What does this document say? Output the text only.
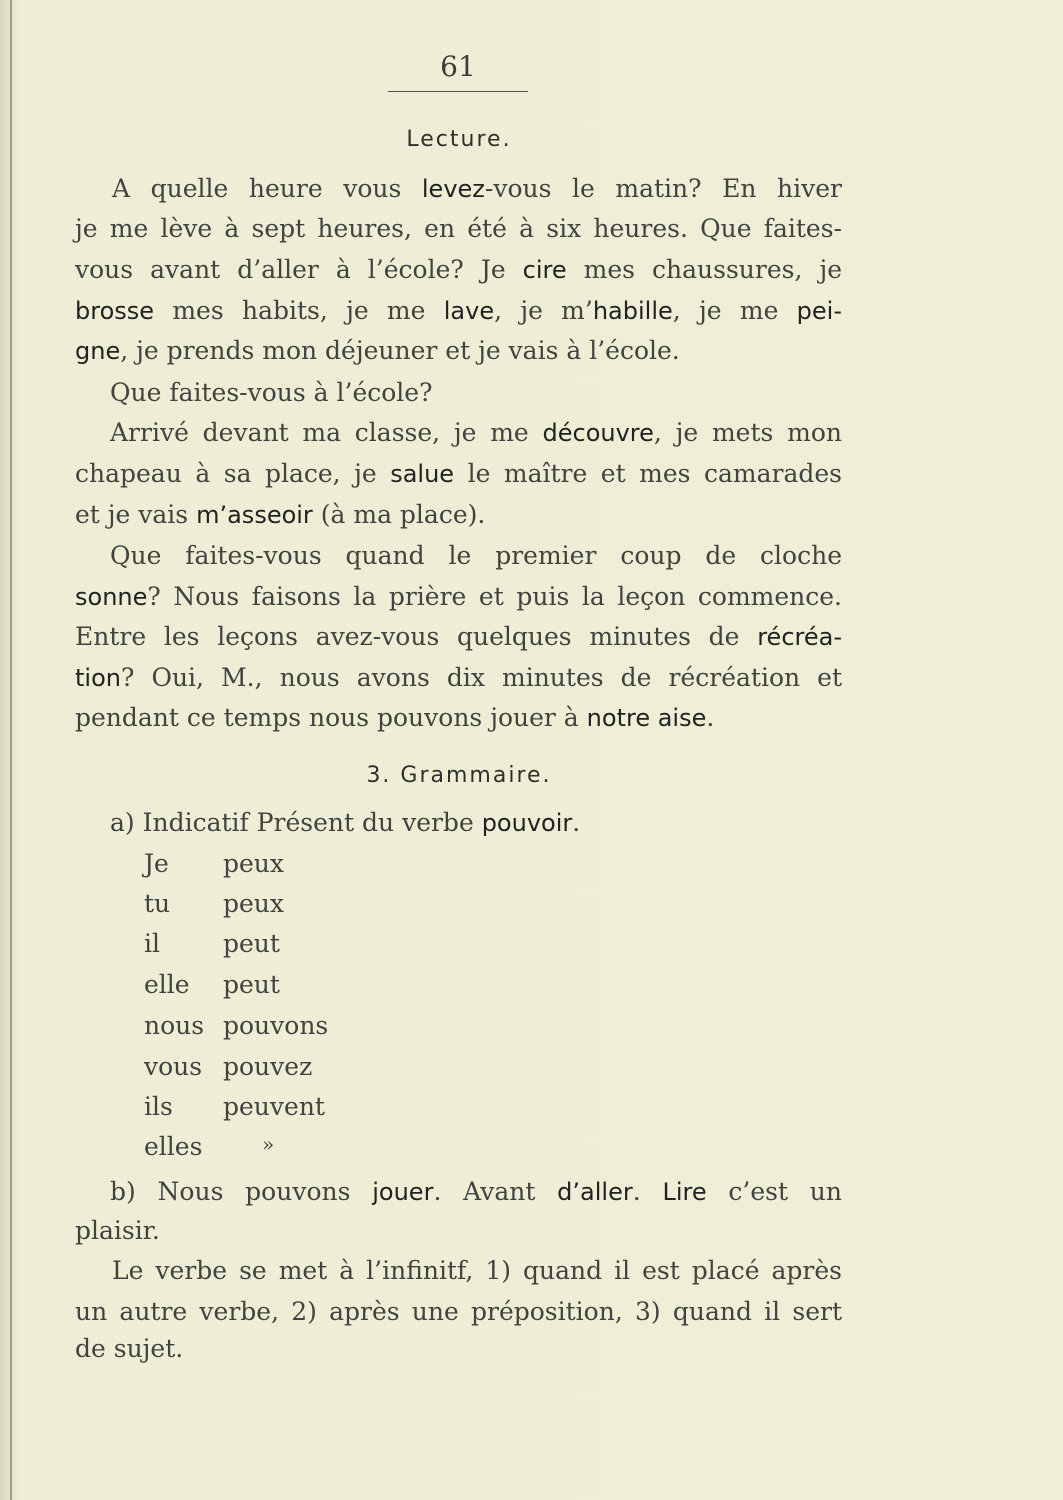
61
Lecture.
A quelle heure vous levez-vous le matin? En hiver
je me lève à sept heures, en été à six heures. Que faites-
vous avant d’aller à l’école? Je cire mes chaussures, je
brosse mes habits, je me lave, je m’habille, je me pei-
gne, je prends mon déjeuner et je vais à l’école.
Que faites-vous à l’école?
Arrivé devant ma classe, je me découvre, je mets mon
chapeau à sa place, je salue le maître et mes camarades
et je vais m’asseoir (à ma place).
Que faites-vous quand le premier coup de cloche
sonne? Nous faisons la prière et puis la leçon commence.
Entre les leçons avez-vous quelques minutes de récréa-
tion? Oui, M., nous avons dix minutes de récréation et
pendant ce temps nous pouvons jouer à notre aise.
3. Grammaire.
a) Indicatif Présent du verbe pouvoir.
Je peux
tu peux
il	peut
elle peut
nous pouvons
vous pouvez
ils peuvent
elles	»
b) Nous pouvons jouer. Avant d’aller. Lire c’est un
plaisir.
Le verbe se met à l’infinitf, 1) quand il est placé après
un autre verbe, 2) après une préposition, 3) quand il sert
de sujet.
